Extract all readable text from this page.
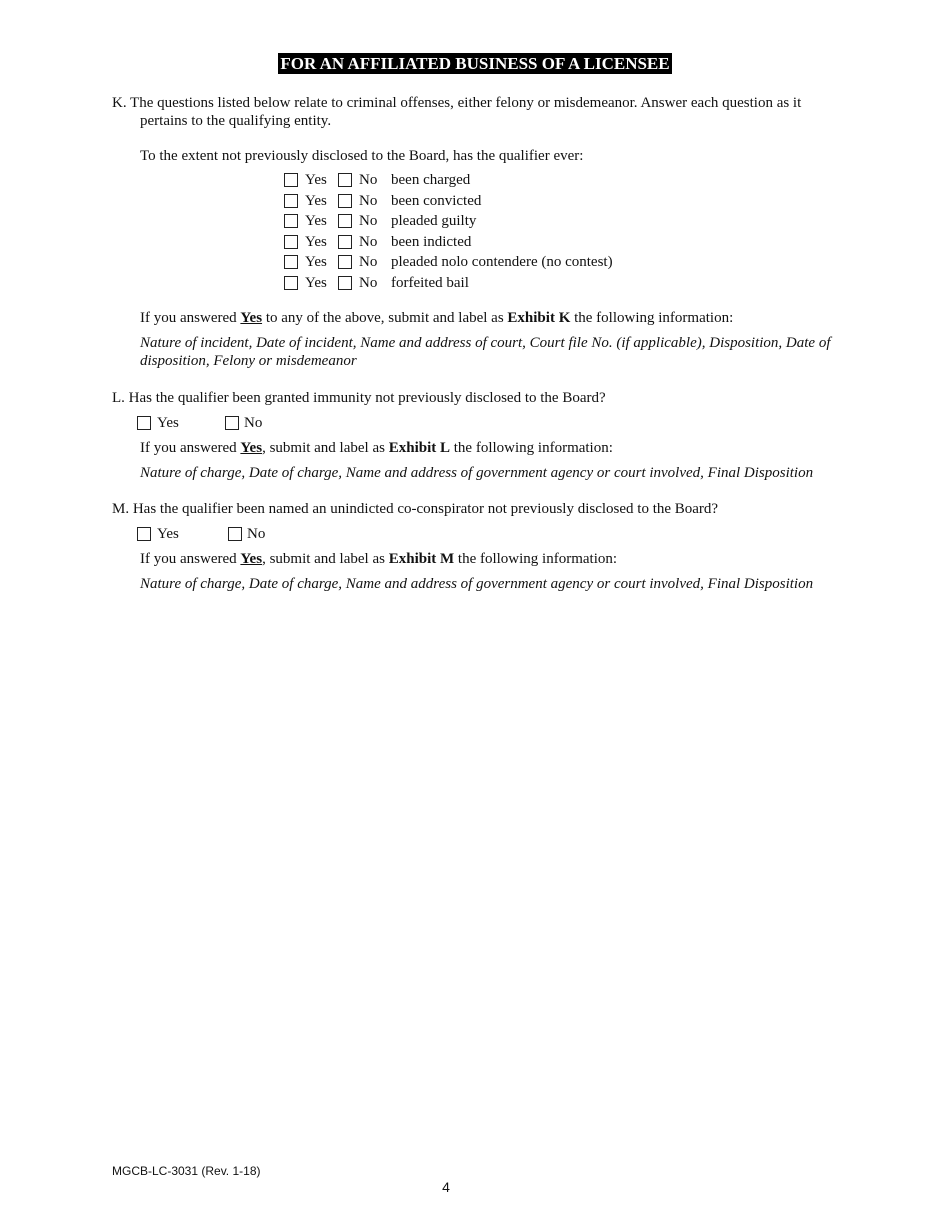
FOR AN AFFILIATED BUSINESS OF A LICENSEE
K. The questions listed below relate to criminal offenses, either felony or misdemeanor. Answer each question as it pertains to the qualifying entity.
To the extent not previously disclosed to the Board, has the qualifier ever:
Yes No been charged
Yes No been convicted
Yes No pleaded guilty
Yes No been indicted
Yes No pleaded nolo contendere (no contest)
Yes No forfeited bail
If you answered Yes to any of the above, submit and label as Exhibit K the following information:
Nature of incident, Date of incident, Name and address of court, Court file No. (if applicable), Disposition, Date of disposition, Felony or misdemeanor
L. Has the qualifier been granted immunity not previously disclosed to the Board?
Yes	No
If you answered Yes, submit and label as Exhibit L the following information:
Nature of charge, Date of charge, Name and address of government agency or court involved, Final Disposition
M. Has the qualifier been named an unindicted co-conspirator not previously disclosed to the Board?
Yes	No
If you answered Yes, submit and label as Exhibit M the following information:
Nature of charge, Date of charge, Name and address of government agency or court involved, Final Disposition
MGCB-LC-3031 (Rev. 1-18)
4
